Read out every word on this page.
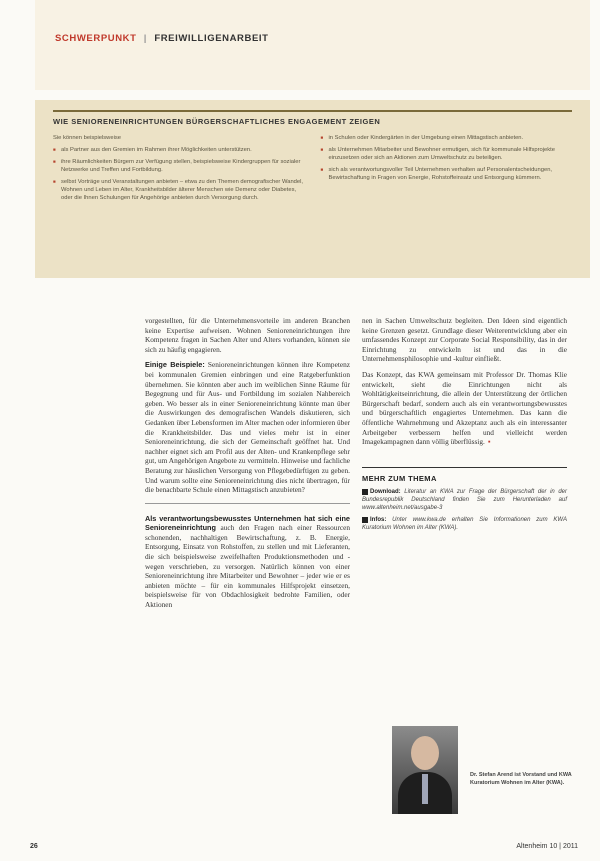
SCHWERPUNKT | FREIWILLIGENARBEIT
WIE SENIORENEINRICHTUNGEN BÜRGERSCHAFTLICHES ENGAGEMENT ZEIGEN
Sie können beispielsweise
■ als Partner aus den Gremien im Rahmen ihrer Möglichkeiten unterstützen.
■ ihre Räumlichkeiten Bürgern zur Verfügung stellen, beispielsweise Kindergruppen für sozialer Netzwerke und Treffen und Fortbildung.
■ selbst Vorträge und Veranstaltungen anbieten – etwa zu den Themen demografischer Wandel, Wohnen und Leben im Alter, Krankheitsbilder älterer Menschen wie Demenz oder Diabetes, oder die Ihnen Schulungen für Angehörige anbieten durch Versorgung durch.
■ in Schulen oder Kindergärten in der Umgebung einen Mittagstisch anbieten.
■ als Unternehmen Mitarbeiter und Bewohner ermutigen, sich für kommunale Hilfsprojekte einzusetzen oder sich an Aktionen zum Umweltschutz zu beteiligen.
■ sich als verantwortungsvoller Teil Unternehmen verhalten auf Personalentscheidungen, Bewirtschaftung in Fragen von Energie, Rohstoffeinsatz und Entsorgung kümmern.

vorgestellten, für die Unternehmensvorteile im anderen Branchen keine Expertise aufweisen. Wohnen Senioreneinrichtungen ihre Kompetenz fragen in Sachen Alter und Alters vorhanden, können sie sich zu häufig engagieren.

Einige Beispiele: Senioreneinrichtungen können ihre Kompetenz bei kommunalen Gremien einbringen und eine Ratgeberfunktion übernehmen. Sie könnten aber auch im weiblichen Sinne Räume für Begegnung und für Aus- und Fortbildung im sozialen Nahbereich geben. Wo besser als in einer Senioreneinrichtung könnte man über die Auswirkungen des demografischen Wandels diskutieren, sich Gedanken über Lebensformen im Alter machen oder informieren über die Krankheitsbilder. Das und vieles mehr ist in einer Senioreneinrichtung, die sich der Gemeinschaft geöffnet hat. Und nachher eignet sich am Profil aus der Alten- und Krankenpflege sehr gut, um Angehörigen Angebote zu vermitteln. Hinweise und fachliche Beratung zur häuslichen Versorgung von Pflegebedürftigen zu geben. Und warum sollte eine Senioreneinrichtung dies nicht übertragen, für die benachbarte Schule einen Mittagstisch anzubieten?

Als verantwortungsbewusstes Unternehmen hat sich eine Senioreneinrichtung auch den Fragen nach einer Ressourcen schonenden, nachhaltigen Bewirtschaftung, z. B. Energie, Entsorgung, Einsatz von Rohstoffen, zu stellen und mit Lieferanten, die sich beispielsweise zweifelhaften Produktionsmethoden und -wegen verschrieben, zu versorgen. Natürlich können von einer Senioreneinrichtung ihre Mitarbeiter und Bewohner – jeder wie er es anbieten möchte – für ein kommunales Hilfsprojekt einsetzen, beispielsweise für von Obdachlosigkeit bedrohte Familien, oder Aktionen

nen in Sachen Umweltschutz begleiten. Den Ideen sind eigentlich keine Grenzen gesetzt. Grundlage dieser Weiterentwicklung aber ein umfassendes Konzept zur Corporate Social Responsibility, das in der Einrichtung zu entwickeln ist und das in die Unternehmensphilosophie und -kultur einfließt.

Das Konzept, das KWA gemeinsam mit Professor Dr. Thomas Klie entwickelt, sieht die Einrichtungen nicht als Wohltätigkeitseinrichtung, die allein der Unterstützung der örtlichen Bürgerschaft bedarf, sondern auch als ein verantwortungsbewusstes und bürgerschaftlich engagiertes Unternehmen. Das kann die öffentliche Wahrnehmung und Akzeptanz auch als ein interessanter Arbeitgeber verbessern helfen und vielleicht werden Imagekampagnen dann völlig überflüssig. ▪

MEHR ZUM THEMA
Download: Literatur an KWA zur Frage der Bürgerschaft der in der Bundesrepublik Deutschland finden Sie zum Herunterladen auf www.altenheim.net/ausgabe-3
Infos: Unter www.kwa.de erhalten Sie Informationen zum KWA Kuratorium Wohnen im Alter (KWA).
Dr. Stefan Arend ist Vorstand und KWA Kuratorium Wohnen im Alter (KWA).
26	Altenheim 10 | 2011
